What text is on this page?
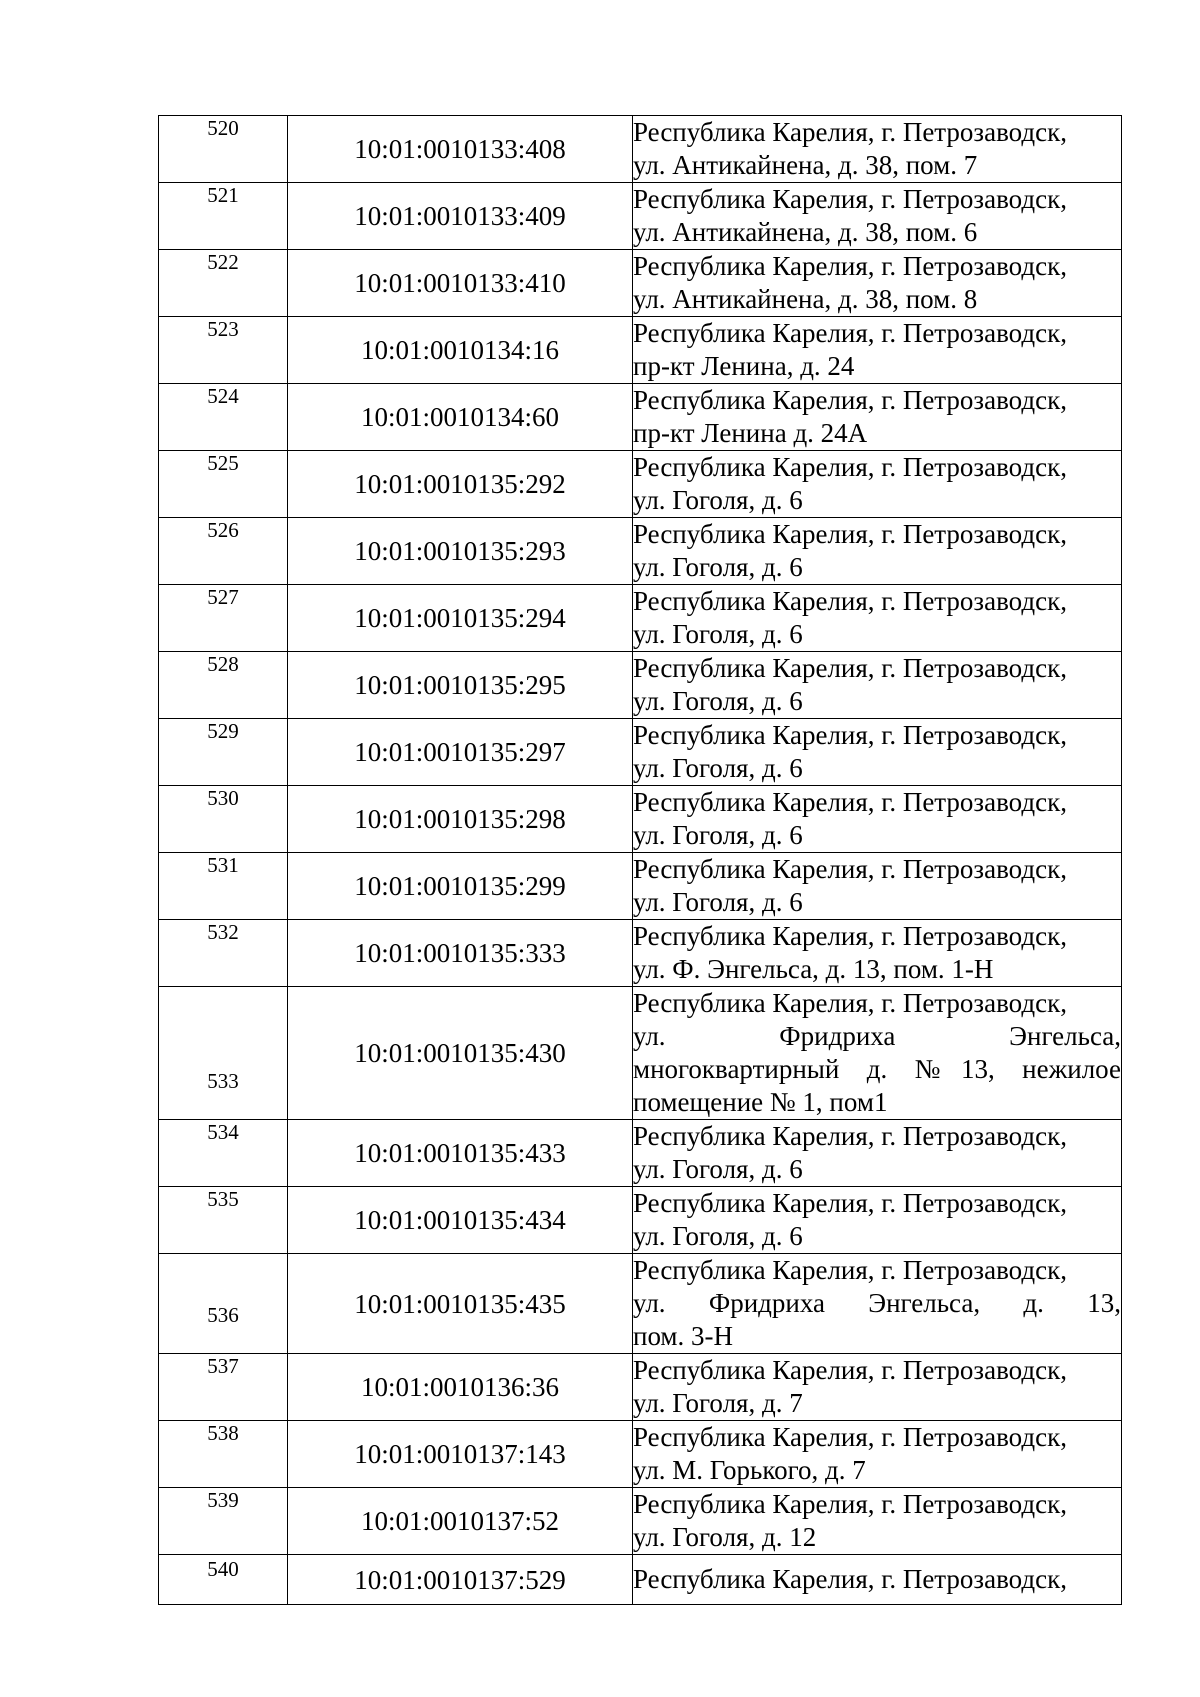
520	10:01:0010133:408	Республика Карелия, г. Петрозаводск,
ул. Антикайнена, д. 38, пом. 7

521	10:01:0010133:409	Республика Карелия, г. Петрозаводск,
ул. Антикайнена, д. 38, пом. 6

522	10:01:0010133:410	Республика Карелия, г. Петрозаводск,
ул. Антикайнена, д. 38, пом. 8

523	10:01:0010134:16	Республика Карелия, г. Петрозаводск,
пр-кт Ленина, д. 24

524	10:01:0010134:60	Республика Карелия, г. Петрозаводск,
пр-кт Ленина д. 24А

525	10:01:0010135:292	Республика Карелия, г. Петрозаводск,
ул. Гоголя, д. 6

526	10:01:0010135:293	Республика Карелия, г. Петрозаводск,
ул. Гоголя, д. 6

527	10:01:0010135:294	Республика Карелия, г. Петрозаводск,
ул. Гоголя, д. 6

528	10:01:0010135:295	Республика Карелия, г. Петрозаводск,
ул. Гоголя, д. 6

529	10:01:0010135:297	Республика Карелия, г. Петрозаводск,
ул. Гоголя, д. 6

530	10:01:0010135:298	Республика Карелия, г. Петрозаводск,
ул. Гоголя, д. 6

531	10:01:0010135:299	Республика Карелия, г. Петрозаводск,
ул. Гоголя, д. 6

532	10:01:0010135:333	Республика Карелия, г. Петрозаводск,
ул. Ф. Энгельса, д. 13, пом. 1-Н

533	10:01:0010135:430	Республика Карелия, г. Петрозаводск,
ул. Фридриха Энгельса,
многоквартирный д. №13, нежилое
помещение № 1, пом1

534	10:01:0010135:433	Республика Карелия, г. Петрозаводск,
ул. Гоголя, д. 6

535	10:01:0010135:434	Республика Карелия, г. Петрозаводск,
ул. Гоголя, д. 6

536	10:01:0010135:435	Республика Карелия, г. Петрозаводск,
ул. Фридриха Энгельса, д. 13,
пом. 3-Н

537	10:01:0010136:36	Республика Карелия, г. Петрозаводск,
ул. Гоголя, д. 7

538	10:01:0010137:143	Республика Карелия, г. Петрозаводск,
ул. М. Горького, д. 7

539	10:01:0010137:52	Республика Карелия, г. Петрозаводск,
ул. Гоголя, д. 12

540	10:01:0010137:529	Республика Карелия, г. Петрозаводск,
